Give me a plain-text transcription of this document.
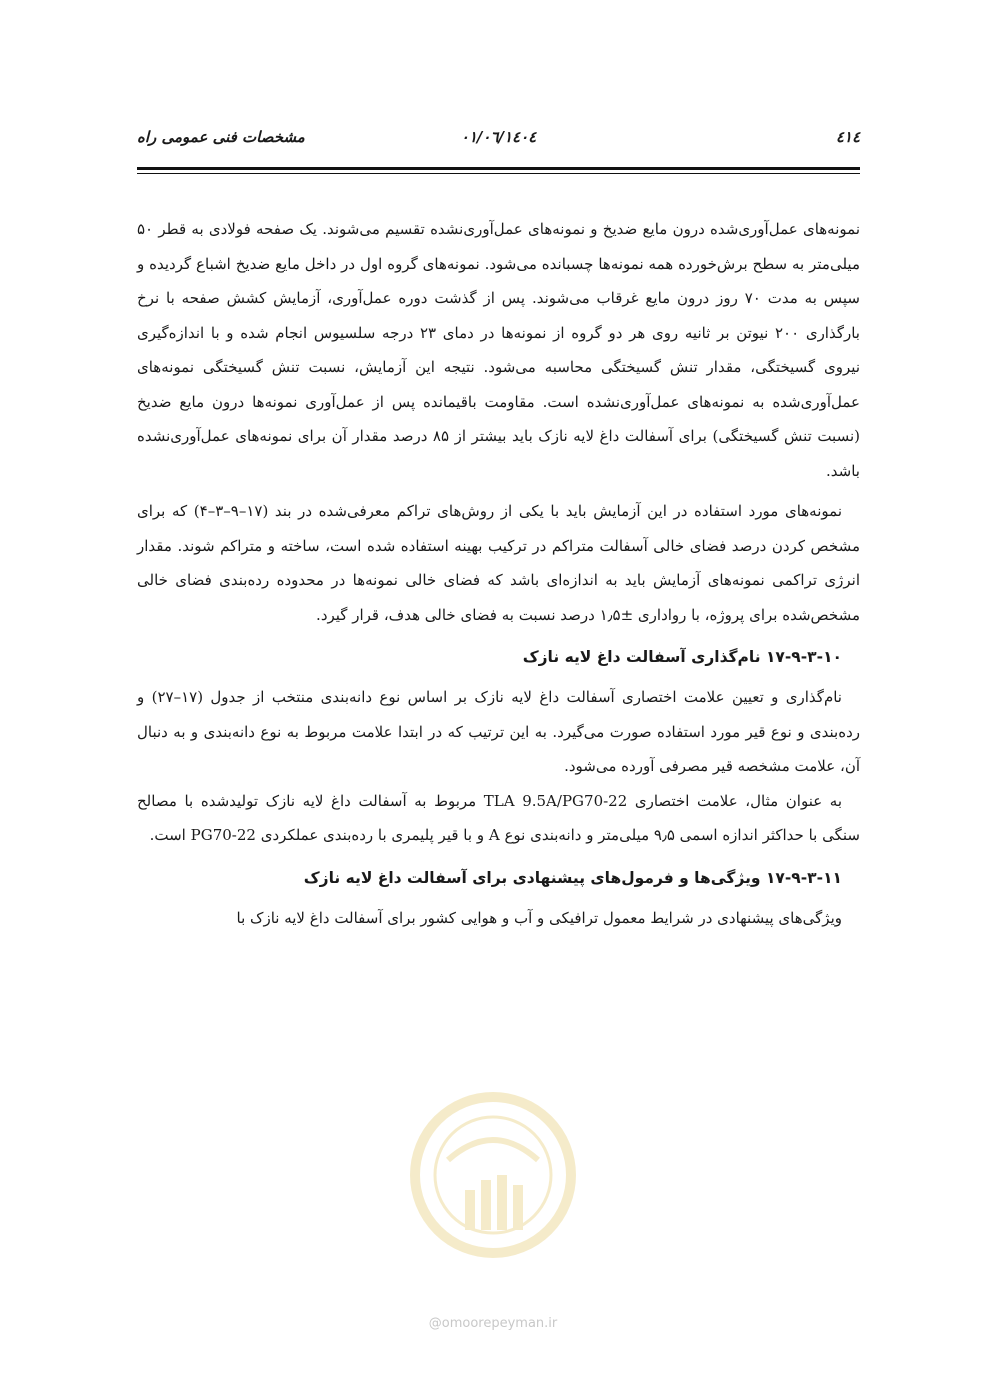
٤١٤
۱٤۰٤/۰٦/۰۱
مشخصات فنی عمومی راه

نمونه‌های عمل‌آوری‌شده درون مایع ضدیخ و نمونه‌های عمل‌آوری‌نشده تقسیم می‌شوند. یک صفحه فولادی به قطر ۵۰ میلی‌متر به سطح برش‌خورده همه نمونه‌ها چسبانده می‌شود. نمونه‌های گروه اول در داخل مایع ضدیخ اشباع گردیده و سپس به مدت ۷۰ روز درون مایع غرقاب می‌شوند. پس از گذشت دوره عمل‌آوری، آزمایش کشش صفحه با نرخ بارگذاری ۲۰۰ نیوتن بر ثانیه روی هر دو گروه از نمونه‌ها در دمای ۲۳ درجه سلسیوس انجام شده و با اندازه‌گیری نیروی گسیختگی، مقدار تنش گسیختگی محاسبه می‌شود. نتیجه این آزمایش، نسبت تنش گسیختگی نمونه‌های عمل‌آوری‌شده به نمونه‌های عمل‌آوری‌نشده است. مقاومت باقیمانده پس از عمل‌آوری نمونه‌ها درون مایع ضدیخ (نسبت تنش گسیختگی) برای آسفالت داغ لایه نازک باید بیشتر از ۸۵ درصد مقدار آن برای نمونه‌های عمل‌آوری‌نشده باشد.

نمونه‌های مورد استفاده در این آزمایش باید با یکی از روش‌های تراکم معرفی‌شده در بند (۱۷–۹–۳–۴) که برای مشخص کردن درصد فضای خالی آسفالت متراکم در ترکیب بهینه استفاده شده است، ساخته و متراکم شوند. مقدار انرژی تراکمی نمونه‌های آزمایش باید به اندازه‌ای باشد که فضای خالی نمونه‌ها در محدوده رده‌بندی فضای خالی مشخص‌شده برای پروژه، با رواداری ±۱٫۵ درصد نسبت به فضای خالی هدف، قرار گیرد.

۱۷-۹-۳-۱۰ نام‌گذاری آسفالت داغ لایه نازک

نام‌گذاری و تعیین علامت اختصاری آسفالت داغ لایه نازک بر اساس نوع دانه‌بندی منتخب از جدول (۱۷–۲۷) و رده‌بندی و نوع قیر مورد استفاده صورت می‌گیرد. به این ترتیب که در ابتدا علامت مربوط به نوع دانه‌بندی و به دنبال آن، علامت مشخصه قیر مصرفی آورده می‌شود.

به عنوان مثال، علامت اختصاری TLA 9.5A/PG70-22 مربوط به آسفالت داغ لایه نازک تولیدشده با مصالح سنگی با حداکثر اندازه اسمی ۹٫۵ میلی‌متر و دانه‌بندی نوع A و با قیر پلیمری با رده‌بندی عملکردی PG70-22 است.

۱۷-۹-۳-۱۱ ویژگی‌ها و فرمول‌های پیشنهادی برای آسفالت داغ لایه نازک

ویژگی‌های پیشنهادی در شرایط معمول ترافیکی و آب و هوایی کشور برای آسفالت داغ لایه نازک با

@omoorepeyman.ir
